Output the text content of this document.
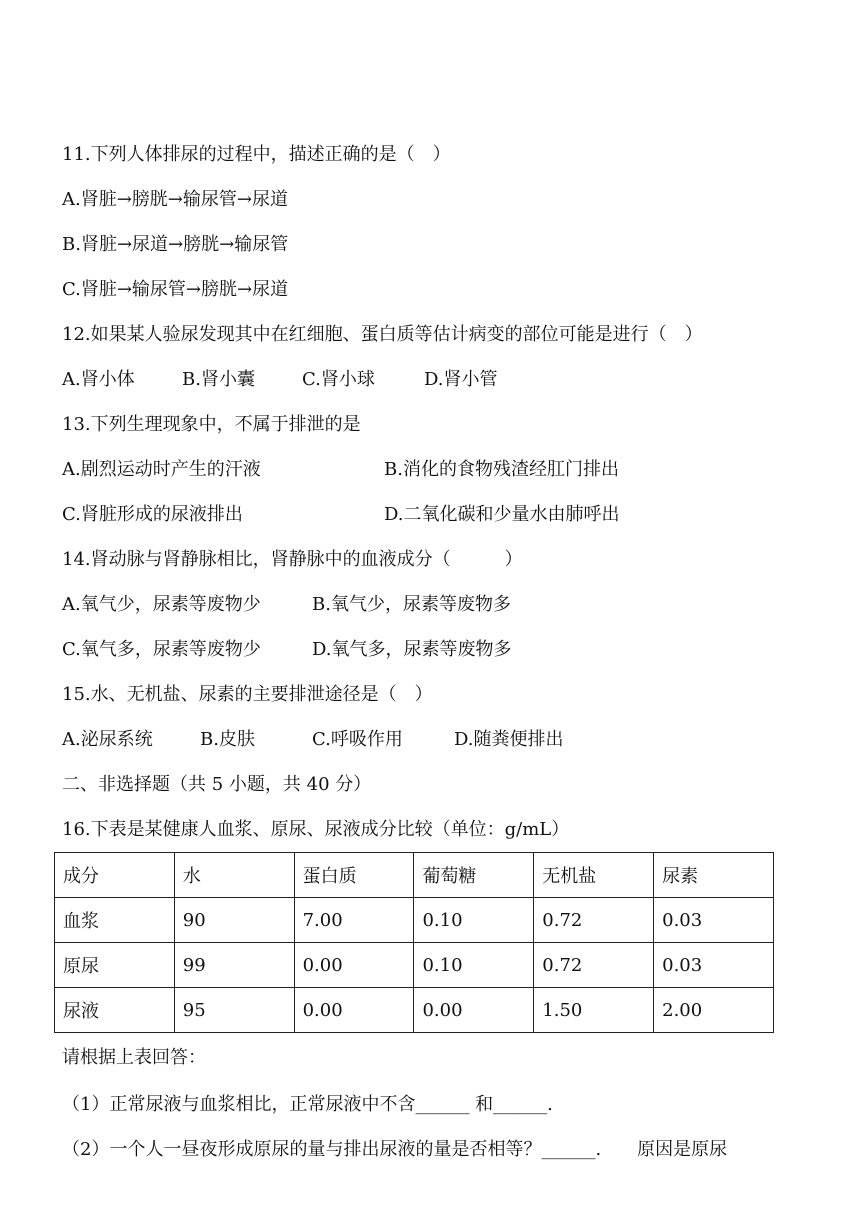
11.下列人体排尿的过程中，描述正确的是（　）
A.肾脏→膀胱→输尿管→尿道
B.肾脏→尿道→膀胱→输尿管
C.肾脏→输尿管→膀胱→尿道
12.如果某人验尿发现其中在红细胞、蛋白质等估计病变的部位可能是进行（　）
A.肾小体	B.肾小囊	C.肾小球	D.肾小管
13.下列生理现象中，不属于排泄的是
A.剧烈运动时产生的汗液	B.消化的食物残渣经肛门排出
C.肾脏形成的尿液排出	D.二氧化碳和少量水由肺呼出
14.肾动脉与肾静脉相比，肾静脉中的血液成分（　　　）
A.氧气少，尿素等废物少	B.氧气少，尿素等废物多
C.氧气多，尿素等废物少	D.氧气多，尿素等废物多
15.水、无机盐、尿素的主要排泄途径是（　）
A.泌尿系统	B.皮肤	C.呼吸作用	D.随粪便排出
二、非选择题（共 5 小题，共 40 分）
16.下表是某健康人血浆、原尿、尿液成分比较（单位：g/mL）
成分	水	蛋白质	葡萄糖	无机盐	尿素
血浆	90	7.00	0.10	0.72	0.03
原尿	99	0.00	0.10	0.72	0.03
尿液	95	0.00	0.00	1.50	2.00
请根据上表回答：
（1）正常尿液与血浆相比，正常尿液中不含______ 和______.
（2）一个人一昼夜形成原尿的量与排出尿液的量是否相等？______.　　原因是原尿
